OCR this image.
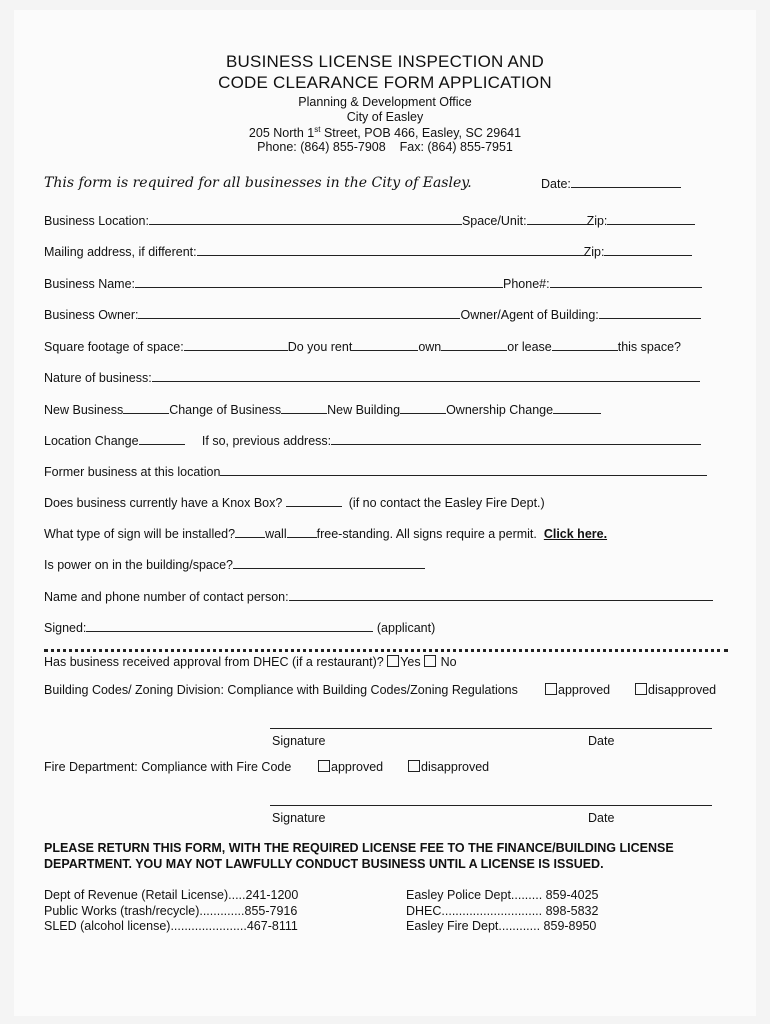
BUSINESS LICENSE INSPECTION AND
CODE CLEARANCE FORM APPLICATION
Planning & Development Office
City of Easley
205 North 1st Street, POB 466, Easley, SC 29641
Phone: (864) 855-7908 Fax: (864) 855-7951
This form is required for all businesses in the City of Easley.	Date:
Business Location:	Space/Unit:	Zip:
Mailing address, if different:	Zip:
Business Name:	Phone#:
Business Owner:	Owner/Agent of Building:
Square footage of space:	Do you rent	own	or lease	this space?
Nature of business:
New Business	Change of Business	New Building	Ownership Change
Location Change	If so, previous address:
Former business at this location
Does business currently have a Knox Box?	(if no contact the Easley Fire Dept.)
What type of sign will be installed? wall free-standing. All signs require a permit. Click here.
Is power on in the building/space?
Name and phone number of contact person:
Signed:	(applicant)
Has business received approval from DHEC (if a restaurant)? Yes No
Building Codes/ Zoning Division: Compliance with Building Codes/Zoning Regulations	approved	disapproved
Signature	Date
Fire Department: Compliance with Fire Code	approved	disapproved
Signature	Date
PLEASE RETURN THIS FORM, WITH THE REQUIRED LICENSE FEE TO THE FINANCE/BUILDING LICENSE DEPARTMENT. YOU MAY NOT LAWFULLY CONDUCT BUSINESS UNTIL A LICENSE IS ISSUED.
Dept of Revenue (Retail License).....241-1200
Public Works (trash/recycle).............855-7916
SLED (alcohol license)......................467-8111
Easley Police Dept......... 859-4025
DHEC............................. 898-5832
Easley Fire Dept............ 859-8950
